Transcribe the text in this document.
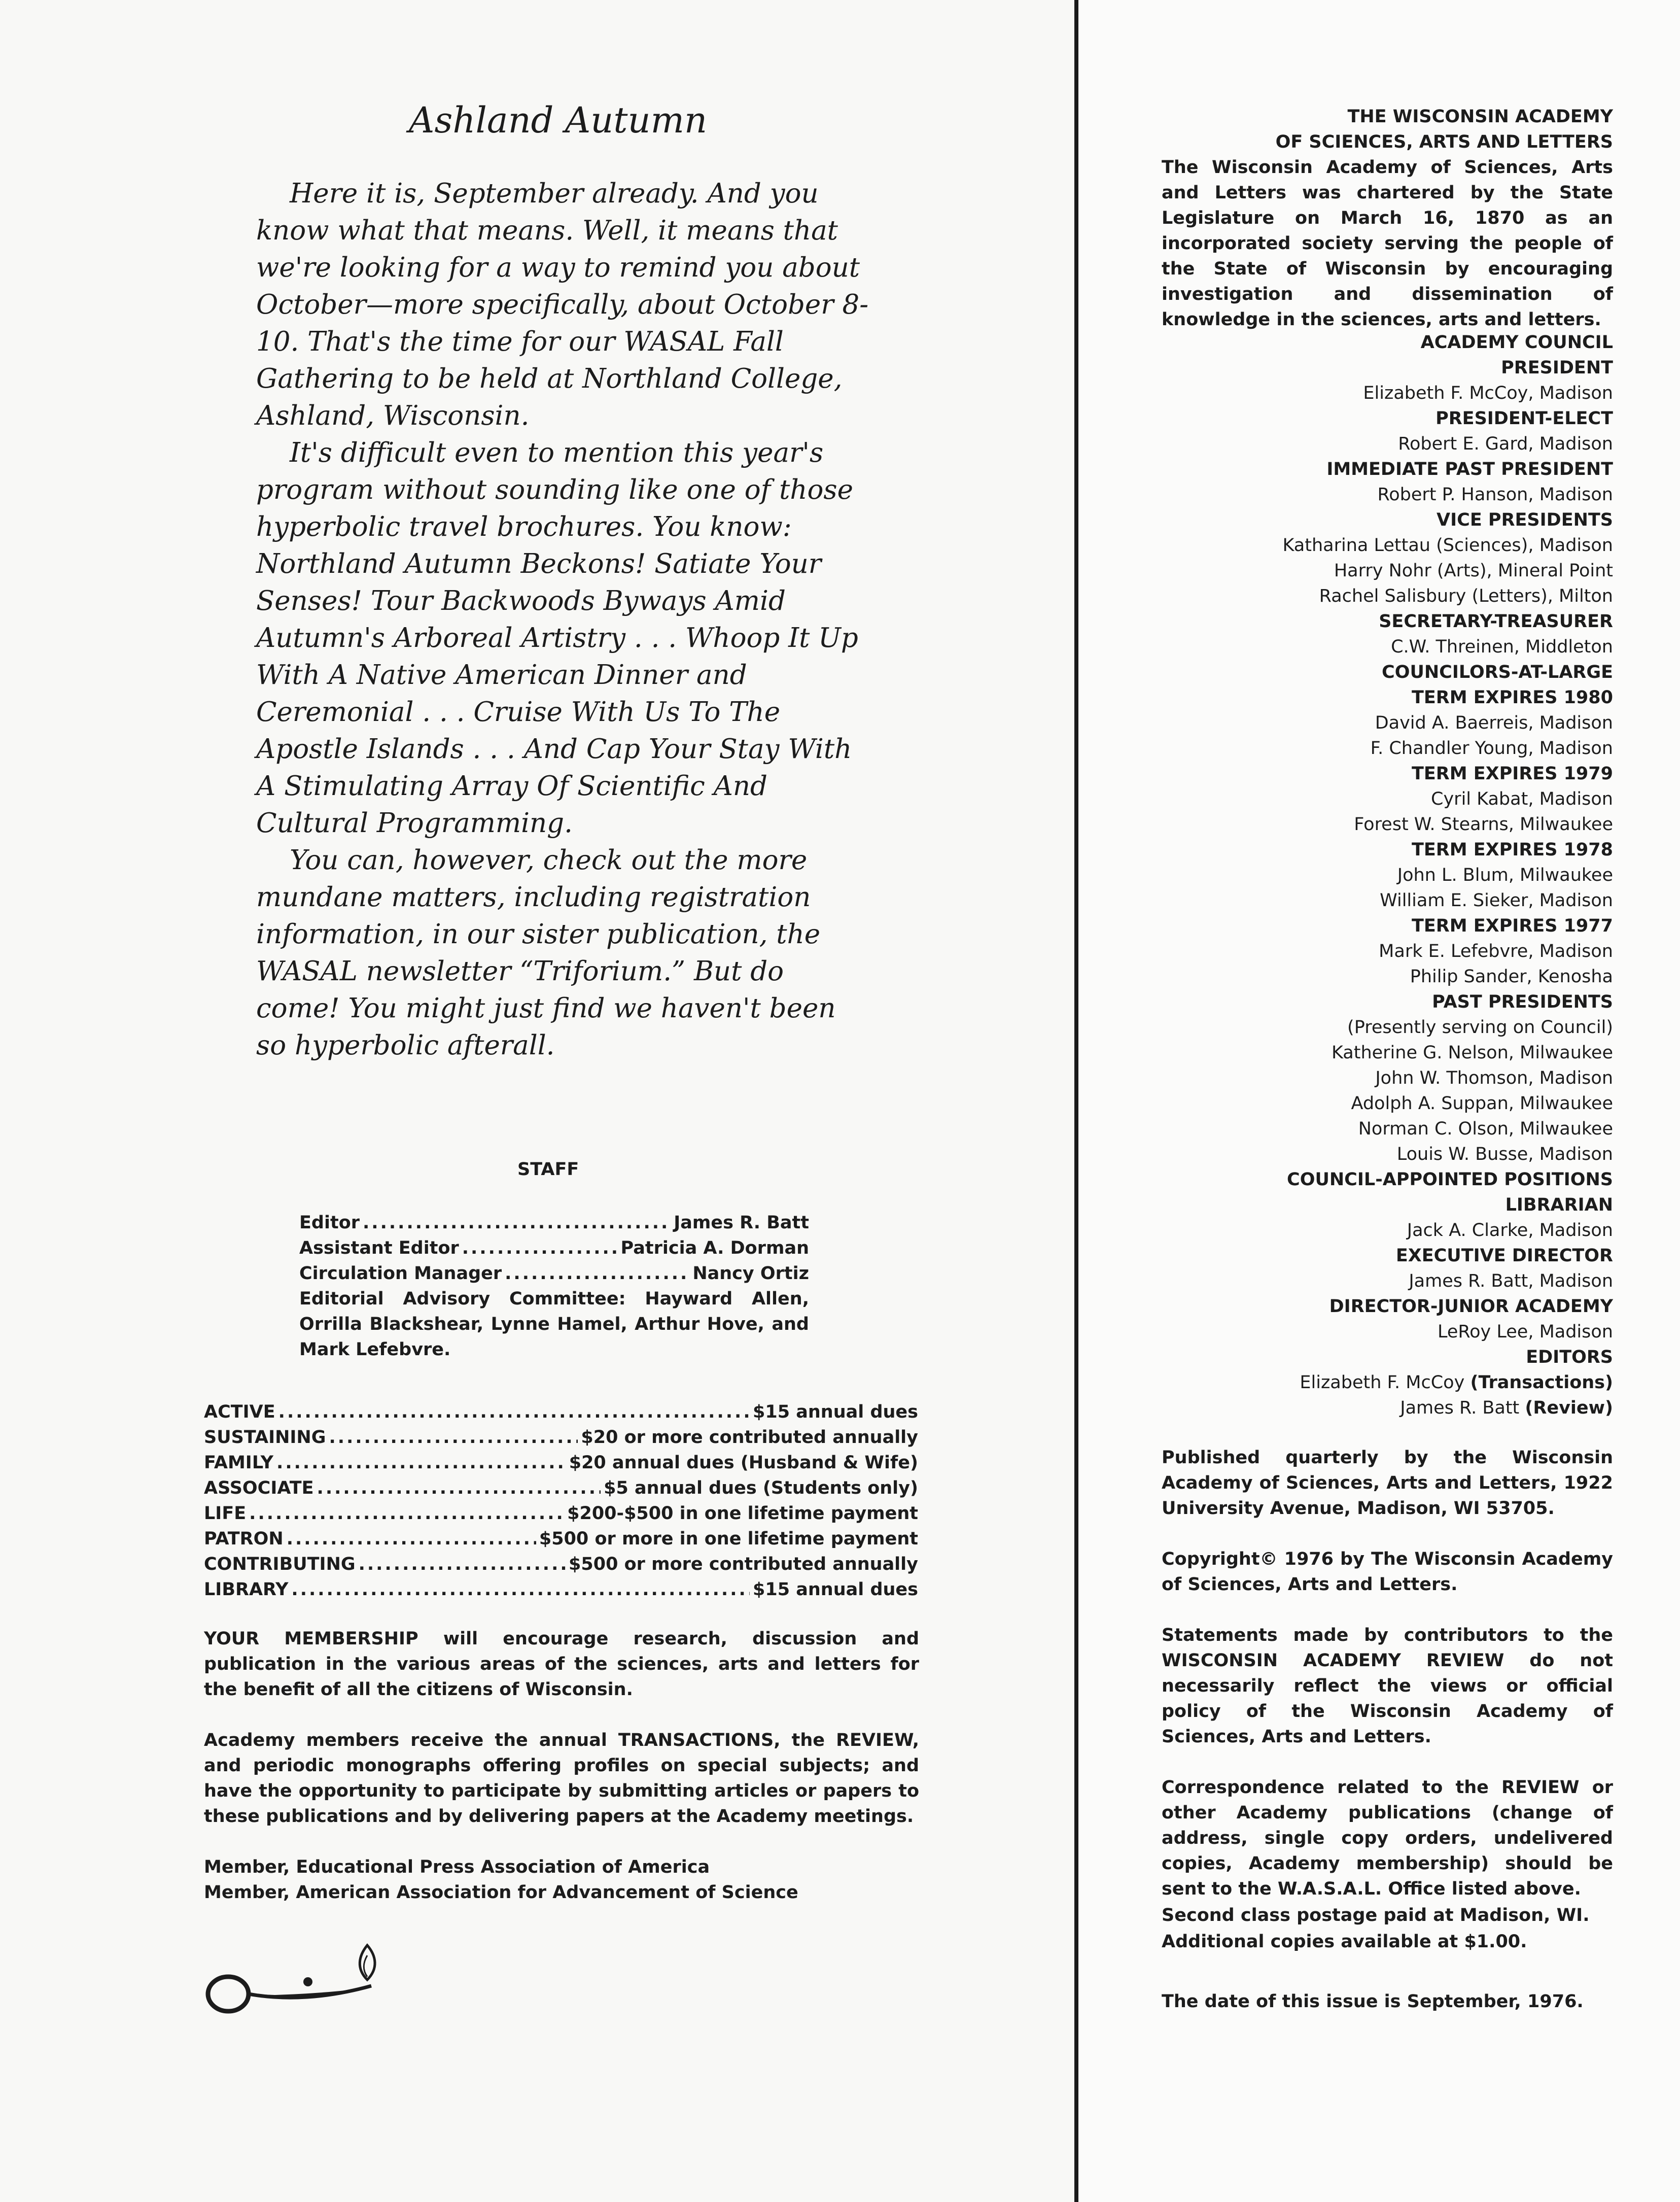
Ashland Autumn

Here it is, September already. And you know what that means. Well, it means that we're looking for a way to remind you about October—more specifically, about October 8-10. That's the time for our WASAL Fall Gathering to be held at Northland College, Ashland, Wisconsin.

It's difficult even to mention this year's program without sounding like one of those hyperbolic travel brochures. You know: Northland Autumn Beckons! Satiate Your Senses! Tour Backwoods Byways Amid Autumn's Arboreal Artistry . . . Whoop It Up With A Native American Dinner and Ceremonial . . . Cruise With Us To The Apostle Islands . . . And Cap Your Stay With A Stimulating Array Of Scientific And Cultural Programming.

You can, however, check out the more mundane matters, including registration information, in our sister publication, the WASAL newsletter “Triforium.” But do come! You might just find we haven't been so hyperbolic afterall.

STAFF
Editor .....	James R. Batt
Assistant Editor .....	Patricia A. Dorman
Circulation Manager .....	Nancy Ortiz
Editorial Advisory Committee: Hayward Allen, Orrilla Blackshear, Lynne Hamel, Arthur Hove, and Mark Lefebvre.
ACTIVE .....	$15 annual dues
SUSTAINING .....	$20 or more contributed annually
FAMILY .....	$20 annual dues (Husband & Wife)
ASSOCIATE .....	$5 annual dues (Students only)
LIFE .....	$200-$500 in one lifetime payment
PATRON .....	$500 or more in one lifetime payment
CONTRIBUTING .....	$500 or more contributed annually
LIBRARY .....	$15 annual dues

YOUR MEMBERSHIP will encourage research, discussion and publication in the various areas of the sciences, arts and letters for the benefit of all the citizens of Wisconsin.

Academy members receive the annual TRANSACTIONS, the REVIEW, and periodic monographs offering profiles on special subjects; and have the opportunity to participate by submitting articles or papers to these publications and by delivering papers at the Academy meetings.

Member, Educational Press Association of America

Member, American Association for Advancement of Science

THE WISCONSIN ACADEMY
OF SCIENCES, ARTS AND LETTERS
The Wisconsin Academy of Sciences, Arts and Letters was chartered by the State Legislature on March 16, 1870 as an incorporated society serving the people of the State of Wisconsin by encouraging investigation and dissemination of knowledge in the sciences, arts and letters.
ACADEMY COUNCIL
PRESIDENT
Elizabeth F. McCoy, Madison
PRESIDENT-ELECT
Robert E. Gard, Madison
IMMEDIATE PAST PRESIDENT
Robert P. Hanson, Madison
VICE PRESIDENTS
Katharina Lettau (Sciences), Madison
Harry Nohr (Arts), Mineral Point
Rachel Salisbury (Letters), Milton
SECRETARY-TREASURER
C.W. Threinen, Middleton
COUNCILORS-AT-LARGE
TERM EXPIRES 1980
David A. Baerreis, Madison
F. Chandler Young, Madison
TERM EXPIRES 1979
Cyril Kabat, Madison
Forest W. Stearns, Milwaukee
TERM EXPIRES 1978
John L. Blum, Milwaukee
William E. Sieker, Madison
TERM EXPIRES 1977
Mark E. Lefebvre, Madison
Philip Sander, Kenosha
PAST PRESIDENTS
(Presently serving on Council)
Katherine G. Nelson, Milwaukee
John W. Thomson, Madison
Adolph A. Suppan, Milwaukee
Norman C. Olson, Milwaukee
Louis W. Busse, Madison
COUNCIL-APPOINTED POSITIONS
LIBRARIAN
Jack A. Clarke, Madison
EXECUTIVE DIRECTOR
James R. Batt, Madison
DIRECTOR-JUNIOR ACADEMY
LeRoy Lee, Madison
EDITORS
Elizabeth F. McCoy (Transactions)
James R. Batt (Review)

Published quarterly by the Wisconsin Academy of Sciences, Arts and Letters, 1922 University Avenue, Madison, WI 53705.

Copyright© 1976 by The Wisconsin Academy of Sciences, Arts and Letters.

Statements made by contributors to the WISCONSIN ACADEMY REVIEW do not necessarily reflect the views or official policy of the Wisconsin Academy of Sciences, Arts and Letters.

Correspondence related to the REVIEW or other Academy publications (change of address, single copy orders, undelivered copies, Academy membership) should be sent to the W.A.S.A.L. Office listed above.

Second class postage paid at Madison, WI.

Additional copies available at $1.00.

The date of this issue is September, 1976.
